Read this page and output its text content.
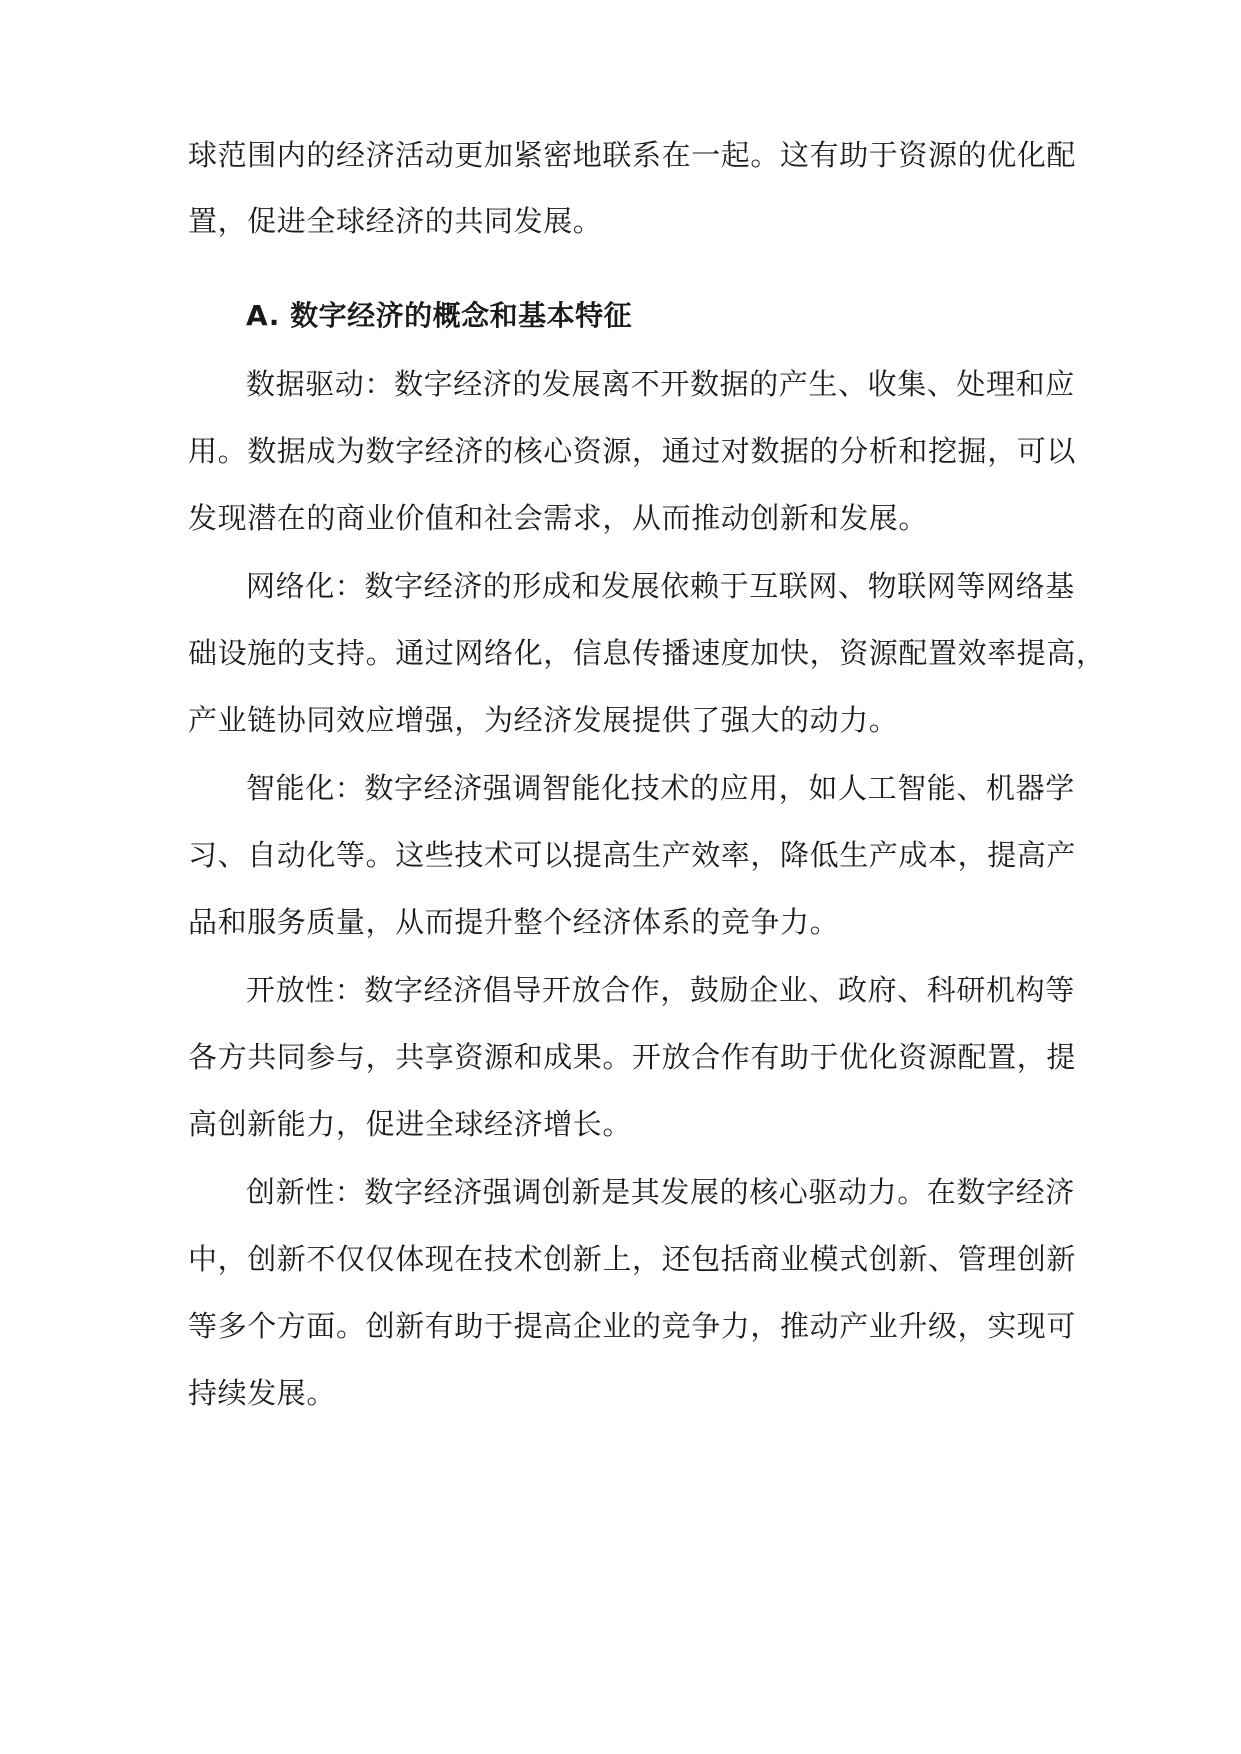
球范围内的经济活动更加紧密地联系在一起。这有助于资源的优化配
置，促进全球经济的共同发展。
A. 数字经济的概念和基本特征
数据驱动：数字经济的发展离不开数据的产生、收集、处理和应
用。数据成为数字经济的核心资源，通过对数据的分析和挖掘，可以
发现潜在的商业价值和社会需求，从而推动创新和发展。
网络化：数字经济的形成和发展依赖于互联网、物联网等网络基
础设施的支持。通过网络化，信息传播速度加快，资源配置效率提高，
产业链协同效应增强，为经济发展提供了强大的动力。
智能化：数字经济强调智能化技术的应用，如人工智能、机器学
习、自动化等。这些技术可以提高生产效率，降低生产成本，提高产
品和服务质量，从而提升整个经济体系的竞争力。
开放性：数字经济倡导开放合作，鼓励企业、政府、科研机构等
各方共同参与，共享资源和成果。开放合作有助于优化资源配置，提
高创新能力，促进全球经济增长。
创新性：数字经济强调创新是其发展的核心驱动力。在数字经济
中，创新不仅仅体现在技术创新上，还包括商业模式创新、管理创新
等多个方面。创新有助于提高企业的竞争力，推动产业升级，实现可
持续发展。
